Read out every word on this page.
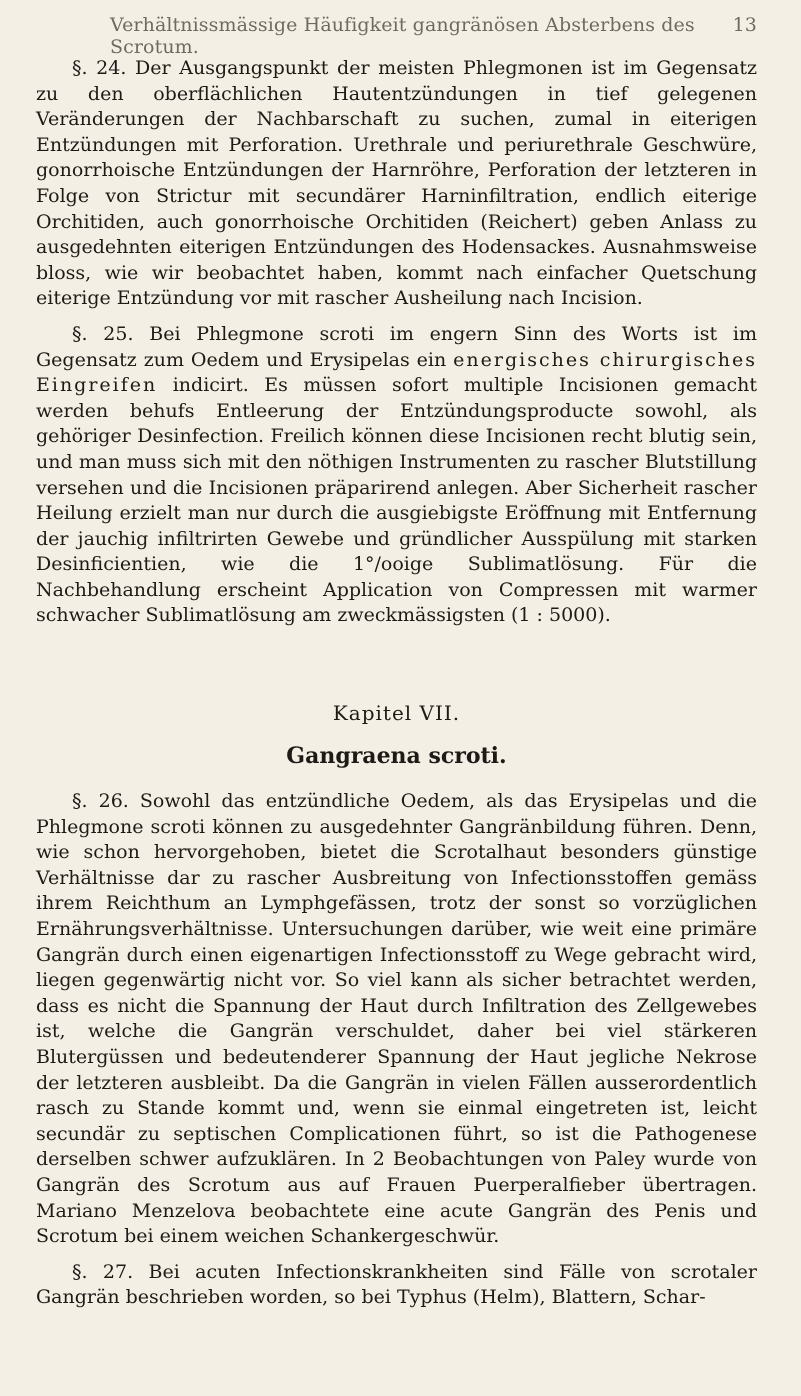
Verhältnissmässige Häufigkeit gangränösen Absterbens des Scrotum.
13

§. 24. Der Ausgangspunkt der meisten Phlegmonen ist im Gegensatz zu den oberflächlichen Hautentzündungen in tief gelegenen Veränderungen der Nachbarschaft zu suchen, zumal in eiterigen Entzündungen mit Perforation. Urethrale und periurethrale Geschwüre, gonorrhoische Entzündungen der Harnröhre, Perforation der letzteren in Folge von Strictur mit secundärer Harninfiltration, endlich eiterige Orchitiden, auch gonorrhoische Orchitiden (Reichert) geben Anlass zu ausgedehnten eiterigen Entzündungen des Hodensackes. Ausnahmsweise bloss, wie wir beobachtet haben, kommt nach einfacher Quetschung eiterige Entzündung vor mit rascher Ausheilung nach Incision.

§. 25. Bei Phlegmone scroti im engern Sinn des Worts ist im Gegensatz zum Oedem und Erysipelas ein energisches chirurgisches Eingreifen indicirt. Es müssen sofort multiple Incisionen gemacht werden behufs Entleerung der Entzündungsproducte sowohl, als gehöriger Desinfection. Freilich können diese Incisionen recht blutig sein, und man muss sich mit den nöthigen Instrumenten zu rascher Blutstillung versehen und die Incisionen präparirend anlegen. Aber Sicherheit rascher Heilung erzielt man nur durch die ausgiebigste Eröffnung mit Entfernung der jauchig infiltrirten Gewebe und gründlicher Ausspülung mit starken Desinficientien, wie die 1°/ooige Sublimatlösung. Für die Nachbehandlung erscheint Application von Compressen mit warmer schwacher Sublimatlösung am zweckmässigsten (1 : 5000).

Kapitel VII.
Gangraena scroti.

§. 26. Sowohl das entzündliche Oedem, als das Erysipelas und die Phlegmone scroti können zu ausgedehnter Gangränbildung führen. Denn, wie schon hervorgehoben, bietet die Scrotalhaut besonders günstige Verhältnisse dar zu rascher Ausbreitung von Infectionsstoffen gemäss ihrem Reichthum an Lymphgefässen, trotz der sonst so vorzüglichen Ernährungsverhältnisse. Untersuchungen darüber, wie weit eine primäre Gangrän durch einen eigenartigen Infectionsstoff zu Wege gebracht wird, liegen gegenwärtig nicht vor. So viel kann als sicher betrachtet werden, dass es nicht die Spannung der Haut durch Infiltration des Zellgewebes ist, welche die Gangrän verschuldet, daher bei viel stärkeren Blutergüssen und bedeutenderer Spannung der Haut jegliche Nekrose der letzteren ausbleibt. Da die Gangrän in vielen Fällen ausserordentlich rasch zu Stande kommt und, wenn sie einmal eingetreten ist, leicht secundär zu septischen Complicationen führt, so ist die Pathogenese derselben schwer aufzuklären. In 2 Beobachtungen von Paley wurde von Gangrän des Scrotum aus auf Frauen Puerperalfieber übertragen. Mariano Menzelova beobachtete eine acute Gangrän des Penis und Scrotum bei einem weichen Schankergeschwür.

§. 27. Bei acuten Infectionskrankheiten sind Fälle von scrotaler Gangrän beschrieben worden, so bei Typhus (Helm), Blattern, Schar-
